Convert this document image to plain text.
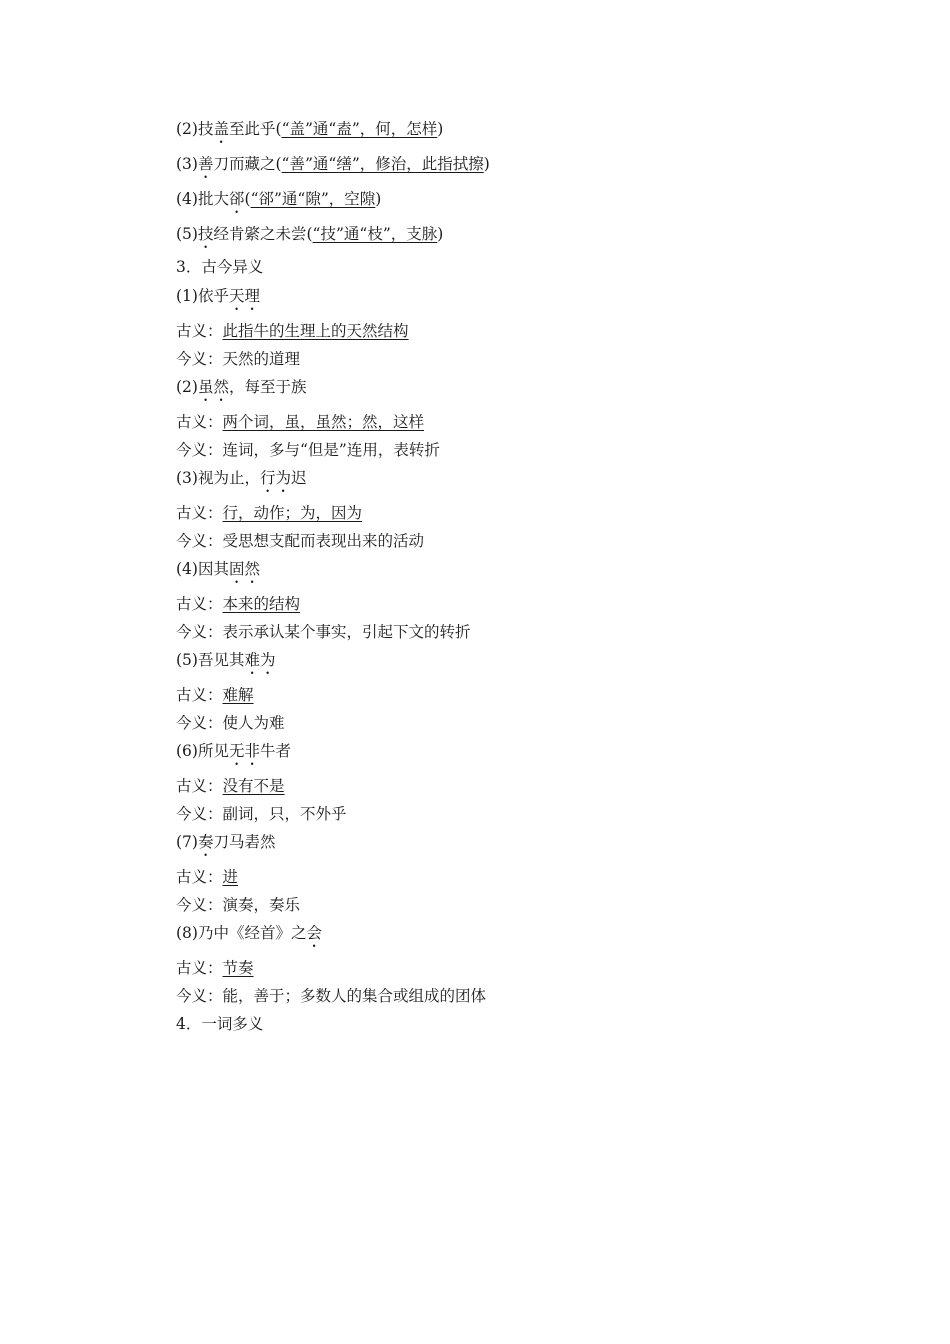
(2)技盖至此乎(“盖”通“盍”，何，怎样)
(3)善刀而藏之(“善”通“缮”，修治，此指拭擦)
(4)批大郤(“郤”通“隙”，空隙)
(5)技经肯綮之未尝(“技”通“枝”，支脉)
3．古今异义
(1)依乎天理
古义：此指牛的生理上的天然结构
今义：天然的道理
(2)虽然，每至于族
古义：两个词，虽，虽然；然，这样
今义：连词，多与“但是”连用，表转折
(3)视为止，行为迟
古义：行，动作；为，因为
今义：受思想支配而表现出来的活动
(4)因其固然
古义：本来的结构
今义：表示承认某个事实，引起下文的转折
(5)吾见其难为
古义：难解
今义：使人为难
(6)所见无非牛者
古义：没有不是
今义：副词，只，不外乎
(7)奏刀马砉然
古义：进
今义：演奏，奏乐
(8)乃中《经首》之会
古义：节奏
今义：能，善于；多数人的集合或组成的团体
4．一词多义
